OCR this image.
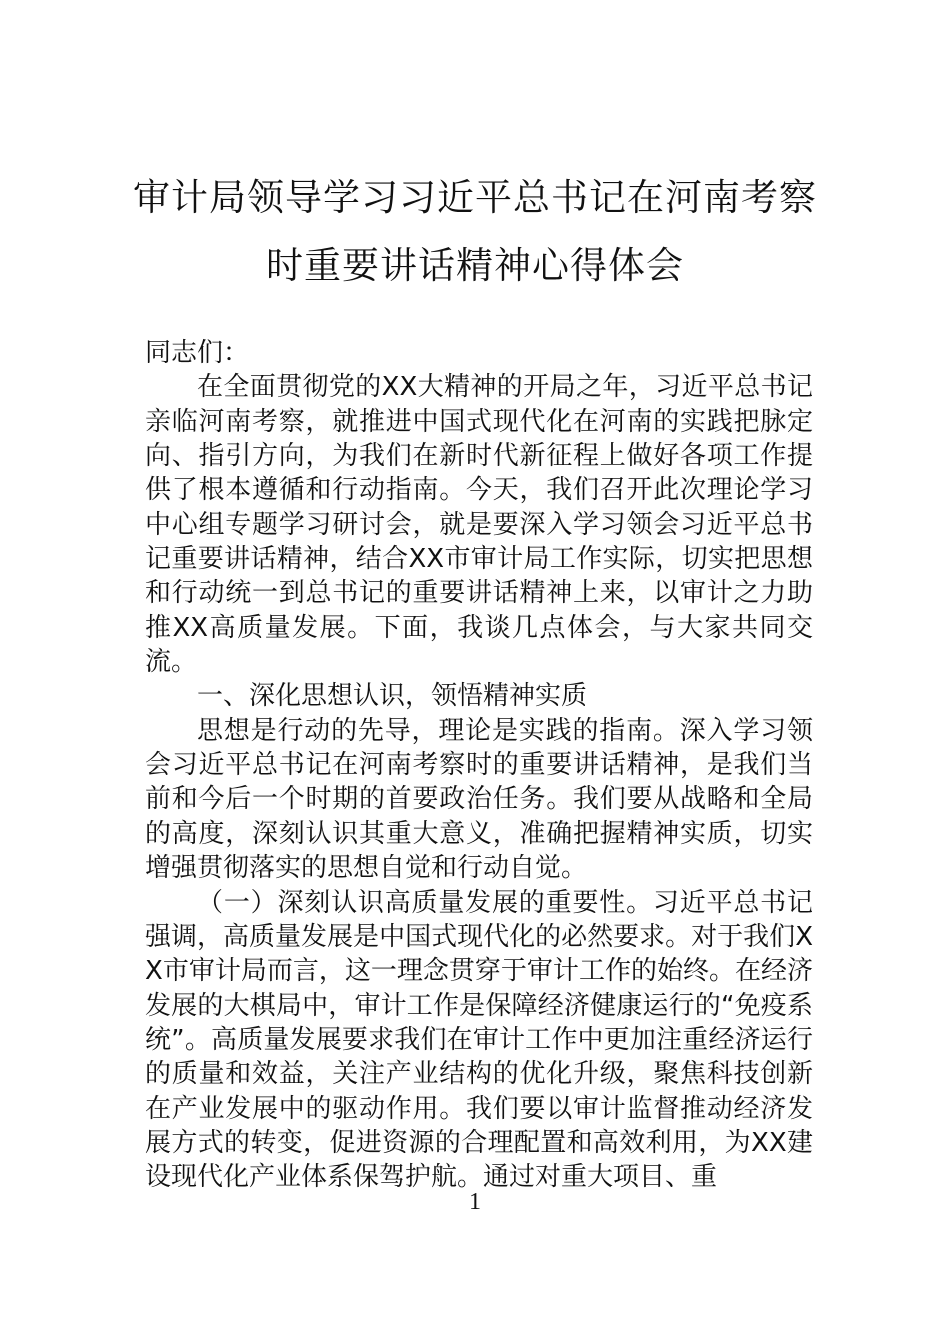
审计局领导学习习近平总书记在河南考察
时重要讲话精神心得体会

同志们：

在全面贯彻党的XX大精神的开局之年，习近平总书记亲临河南考察，就推进中国式现代化在河南的实践把脉定向、指引方向，为我们在新时代新征程上做好各项工作提供了根本遵循和行动指南。今天，我们召开此次理论学习中心组专题学习研讨会，就是要深入学习领会习近平总书记重要讲话精神，结合XX市审计局工作实际，切实把思想和行动统一到总书记的重要讲话精神上来，以审计之力助推XX高质量发展。下面，我谈几点体会，与大家共同交流。

一、深化思想认识，领悟精神实质

思想是行动的先导，理论是实践的指南。深入学习领会习近平总书记在河南考察时的重要讲话精神，是我们当前和今后一个时期的首要政治任务。我们要从战略和全局的高度，深刻认识其重大意义，准确把握精神实质，切实增强贯彻落实的思想自觉和行动自觉。

（一）深刻认识高质量发展的重要性。习近平总书记强调，高质量发展是中国式现代化的必然要求。对于我们XX市审计局而言，这一理念贯穿于审计工作的始终。在经济发展的大棋局中，审计工作是保障经济健康运行的“免疫系统”。高质量发展要求我们在审计工作中更加注重经济运行的质量和效益，关注产业结构的优化升级，聚焦科技创新在产业发展中的驱动作用。我们要以审计监督推动经济发展方式的转变，促进资源的合理配置和高效利用，为XX建设现代化产业体系保驾护航。通过对重大项目、重

1
